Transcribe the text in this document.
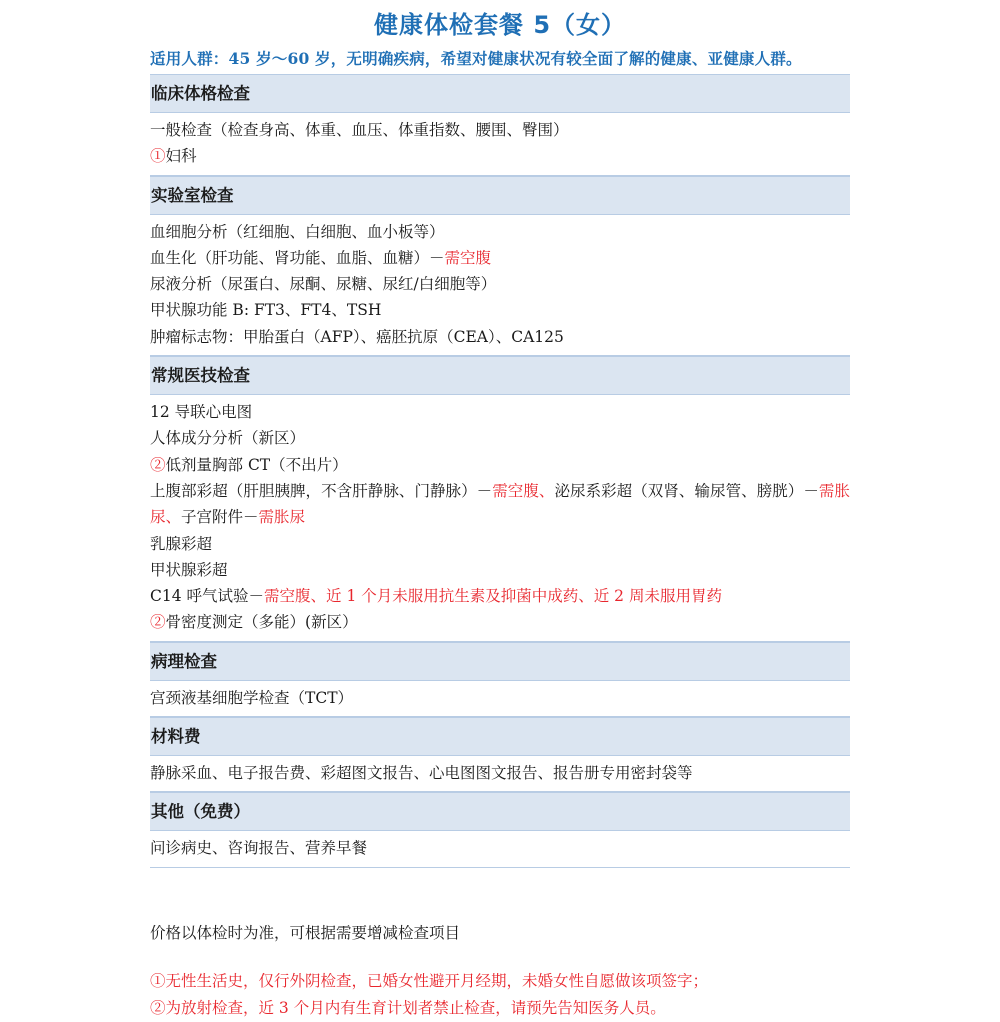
健康体检套餐 5（女）
适用人群：45 岁～60 岁，无明确疾病，希望对健康状况有较全面了解的健康、亚健康人群。
临床体格检查
一般检查（检查身高、体重、血压、体重指数、腰围、臀围）
①妇科
实验室检查
血细胞分析（红细胞、白细胞、血小板等）
血生化（肝功能、肾功能、血脂、血糖）－需空腹
尿液分析（尿蛋白、尿酮、尿糖、尿红/白细胞等）
甲状腺功能 B: FT3、FT4、TSH
肿瘤标志物：甲胎蛋白（AFP）、癌胚抗原（CEA）、CA125
常规医技检查
12 导联心电图
人体成分分析（新区）
②低剂量胸部 CT（不出片）
上腹部彩超（肝胆胰脾，不含肝静脉、门静脉）－需空腹、泌尿系彩超（双肾、输尿管、膀胱）－需胀尿、子宫附件－需胀尿
乳腺彩超
甲状腺彩超
C14 呼气试验－需空腹、近 1 个月未服用抗生素及抑菌中成药、近 2 周未服用胃药
②骨密度测定（多能）(新区）
病理检查
宫颈液基细胞学检查（TCT）
材料费
静脉采血、电子报告费、彩超图文报告、心电图图文报告、报告册专用密封袋等
其他（免费）
问诊病史、咨询报告、营养早餐
价格以体检时为准，可根据需要增减检查项目
①无性生活史，仅行外阴检查，已婚女性避开月经期，未婚女性自愿做该项签字；
②为放射检查，近 3 个月内有生育计划者禁止检查，请预先告知医务人员。
